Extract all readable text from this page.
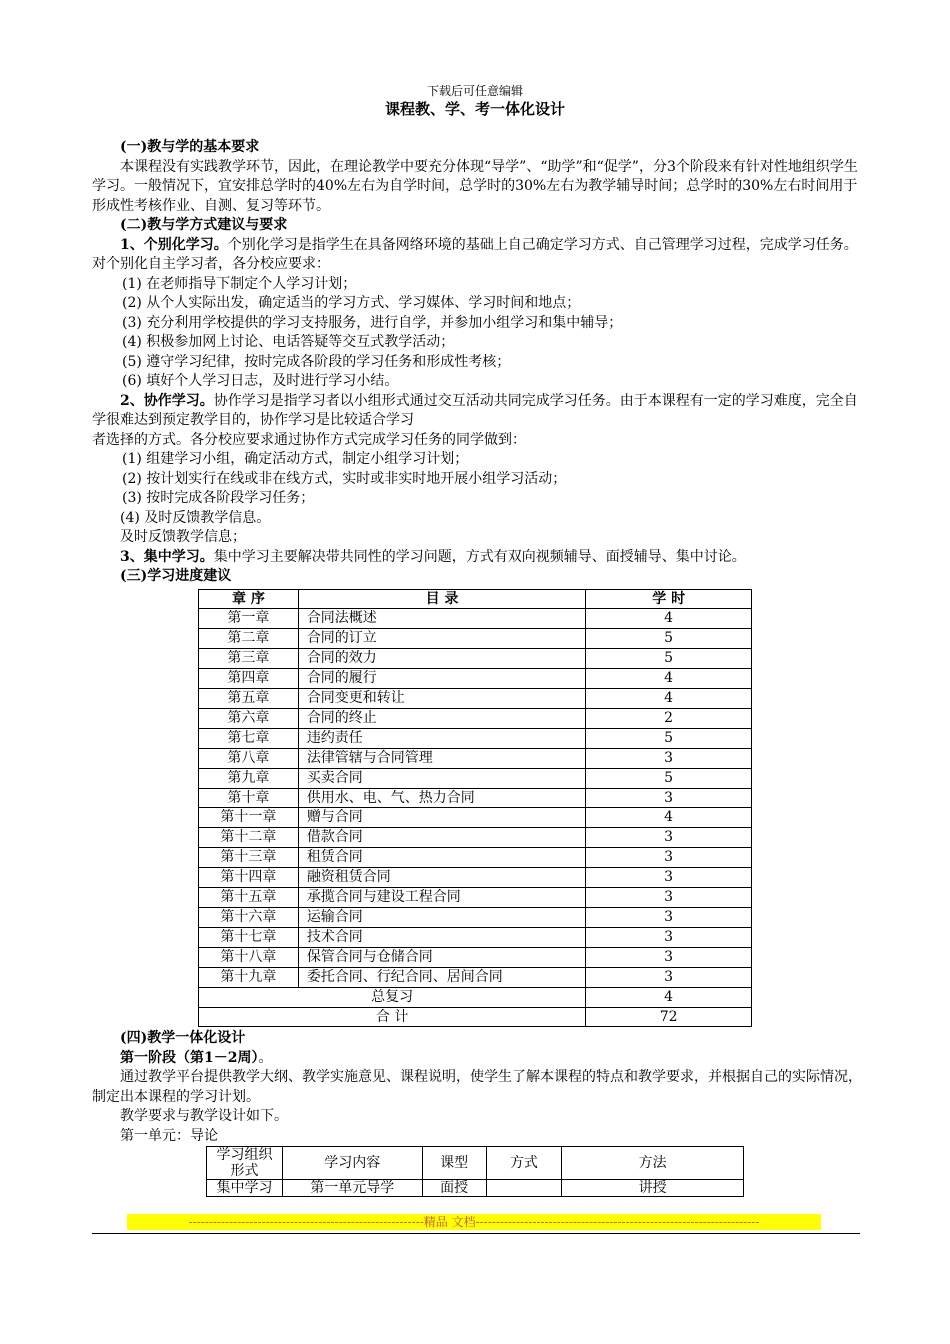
下载后可任意编辑
课程教、学、考一体化设计

(一)教与学的基本要求

本课程没有实践教学环节，因此，在理论教学中要充分体现“导学”、“助学”和“促学”，分3个阶段来有针对性地组织学生学习。一般情况下，宜安排总学时的40%左右为自学时间，总学时的30%左右为教学辅导时间；总学时的30%左右时间用于形成性考核作业、自测、复习等环节。

(二)教与学方式建议与要求

1、个别化学习。个别化学习是指学生在具备网络环境的基础上自己确定学习方式、自己管理学习过程，完成学习任务。对个别化自主学习者，各分校应要求：

(1) 在老师指导下制定个人学习计划；

(2) 从个人实际出发，确定适当的学习方式、学习媒体、学习时间和地点；

(3) 充分利用学校提供的学习支持服务，进行自学，并参加小组学习和集中辅导；

(4) 积极参加网上讨论、电话答疑等交互式教学活动；

(5) 遵守学习纪律，按时完成各阶段的学习任务和形成性考核；

(6) 填好个人学习日志，及时进行学习小结。

2、协作学习。协作学习是指学习者以小组形式通过交互活动共同完成学习任务。由于本课程有一定的学习难度，完全自学很难达到预定教学目的，协作学习是比较适合学习

者选择的方式。各分校应要求通过协作方式完成学习任务的同学做到：

(1) 组建学习小组，确定活动方式，制定小组学习计划；

(2) 按计划实行在线或非在线方式，实时或非实时地开展小组学习活动；

(3) 按时完成各阶段学习任务；

(4) 及时反馈教学信息。

及时反馈教学信息；

3、集中学习。集中学习主要解决带共同性的学习问题，方式有双向视频辅导、面授辅导、集中讨论。

(三)学习进度建议

章 序	目 录	学 时
第一章	合同法概述	4
第二章	合同的订立	5
第三章	合同的效力	5
第四章	合同的履行	4
第五章	合同变更和转让	4
第六章	合同的终止	2
第七章	违约责任	5
第八章	法律管辖与合同管理	3
第九章	买卖合同	5
第十章	供用水、电、气、热力合同	3
第十一章	赠与合同	4
第十二章	借款合同	3
第十三章	租赁合同	3
第十四章	融资租赁合同	3
第十五章	承揽合同与建设工程合同	3
第十六章	运输合同	3
第十七章	技术合同	3
第十八章	保管合同与仓储合同	3
第十九章	委托合同、行纪合同、居间合同	3
总复习		4
合 计		72

(四)教学一体化设计

第一阶段（第1－2周）。

通过教学平台提供教学大纲、教学实施意见、课程说明，使学生了解本课程的特点和教学要求，并根据自己的实际情况，制定出本课程的学习计划。

教学要求与教学设计如下。

第一单元：导论

学习组织形式	学习内容	课型	方式	方法
集中学习	第一单元导学	面授		讲授
----------------------------------------------------------精品 文档----------------------------------------------------------------------
